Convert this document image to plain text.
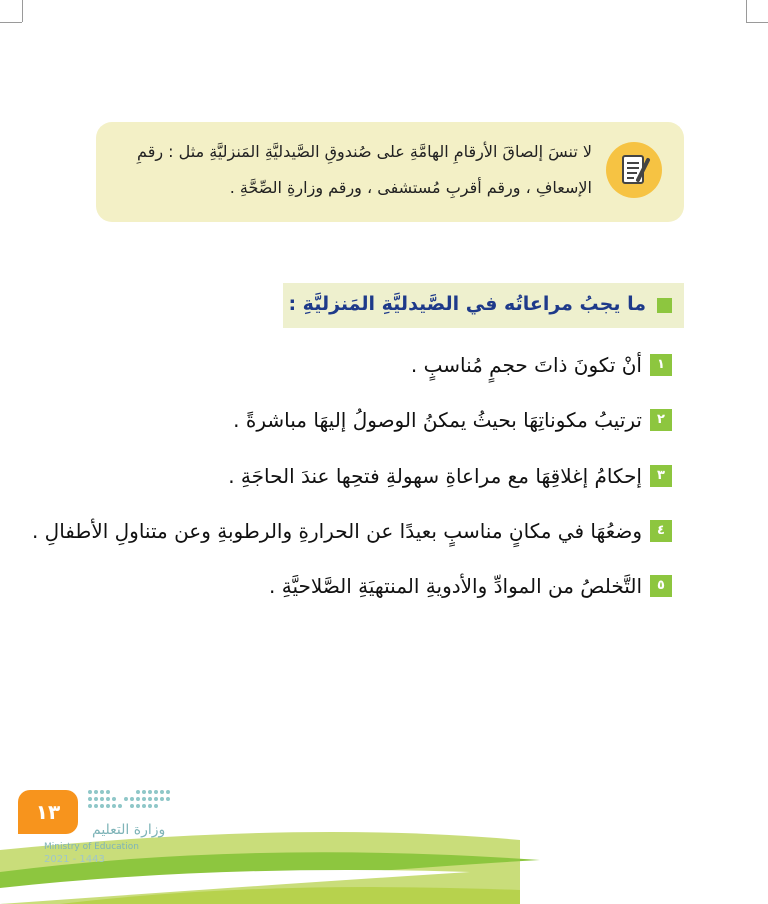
لا تنسَ إلصاقَ الأرقامِ الهامَّةِ على صُندوقِ الصَّيدليَّةِ المَنزليَّةِ مثل : رقمِ الإسعافِ ، ورقم أقربِ مُستشفى ، ورقم وزارةِ الصِّحَّةِ .
ما يجبُ مراعاتُه في الصَّيدليَّةِ المَنزليَّةِ :
١
أنْ تكونَ ذاتَ حجمٍ مُناسبٍ .
٢
ترتيبُ مكوناتِهَا بحيثُ يمكنُ الوصولُ إليهَا مباشرةً .
٣
إحكامُ إغلاقِهَا مع مراعاةِ سهولةِ فتحِها عندَ الحاجَةِ .
٤
وضعُهَا في مكانٍ مناسبٍ بعيدًا عن الحرارةِ والرطوبةِ وعن متناولِ الأطفالِ .
٥
التَّخلصُ من الموادِّ والأدويةِ المنتهيَةِ الصَّلاحيَّةِ .
١٣
وزارة التعليم
Ministry of Education
2021 - 1443
